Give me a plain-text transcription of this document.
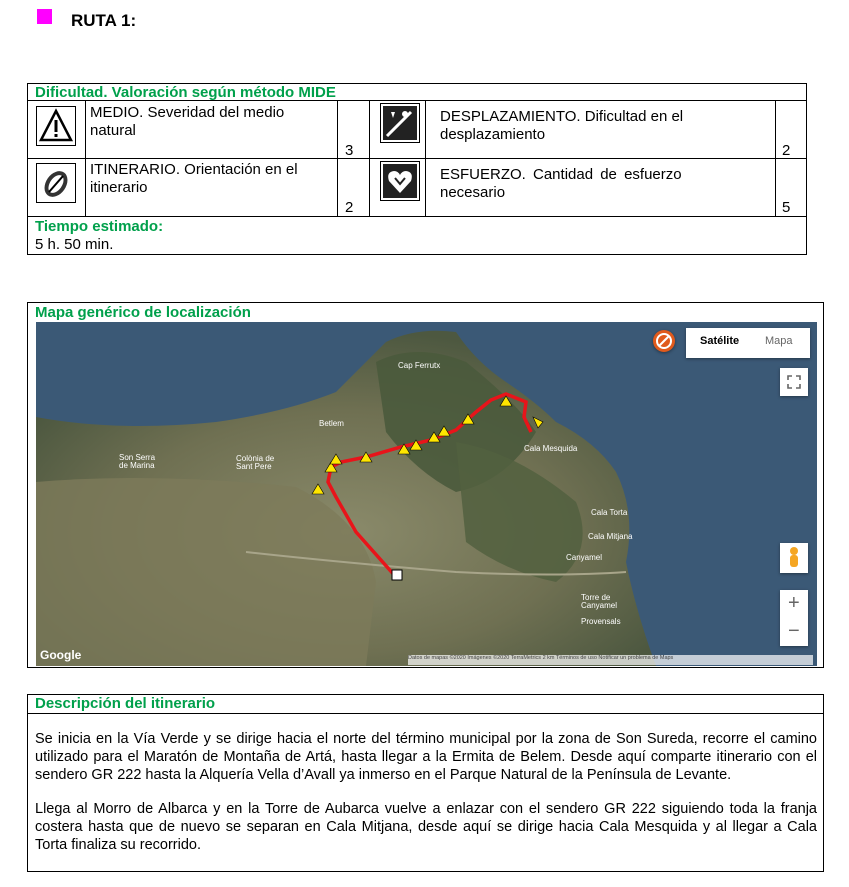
RUTA 1:
Dificultad. Valoración según método MIDE
MEDIO. Severidad del medio natural
3
DESPLAZAMIENTO. Dificultad en el desplazamiento
2
ITINERARIO. Orientación en el itinerario
2
ESFUERZO. Cantidad de esfuerzo necesario
5
Tiempo estimado:
5 h. 50 min.
Mapa genérico de localización
Cap Ferrutx
Betlem
Cala Mesquida
Son Serra
de Marina
Colònia de
Sant Pere
Cala Torta
Cala Mitjana
Canyamel
Torre de
Canyamel
Provensals
Satélite Mapa
+
−
Google	Datos de mapas ©2020 Imágenes ©2020 TerraMetrics 2 km Términos de uso Notificar un problema de Maps
Descripción del itinerario

Se inicia en la Vía Verde y se dirige hacia el norte del término municipal por la zona de Son Sureda, recorre el camino utilizado para el Maratón de Montaña de Artá, hasta llegar a la Ermita de Belem. Desde aquí comparte itinerario con el sendero GR 222 hasta la Alquería Vella d’Avall ya inmerso en el Parque Natural de la Península de Levante.

Llega al Morro de Albarca y en la Torre de Aubarca vuelve a enlazar con el sendero GR 222 siguiendo toda la franja costera hasta que de nuevo se separan en Cala Mitjana, desde aquí se dirige hacia Cala Mesquida y al llegar a Cala Torta finaliza su recorrido.
